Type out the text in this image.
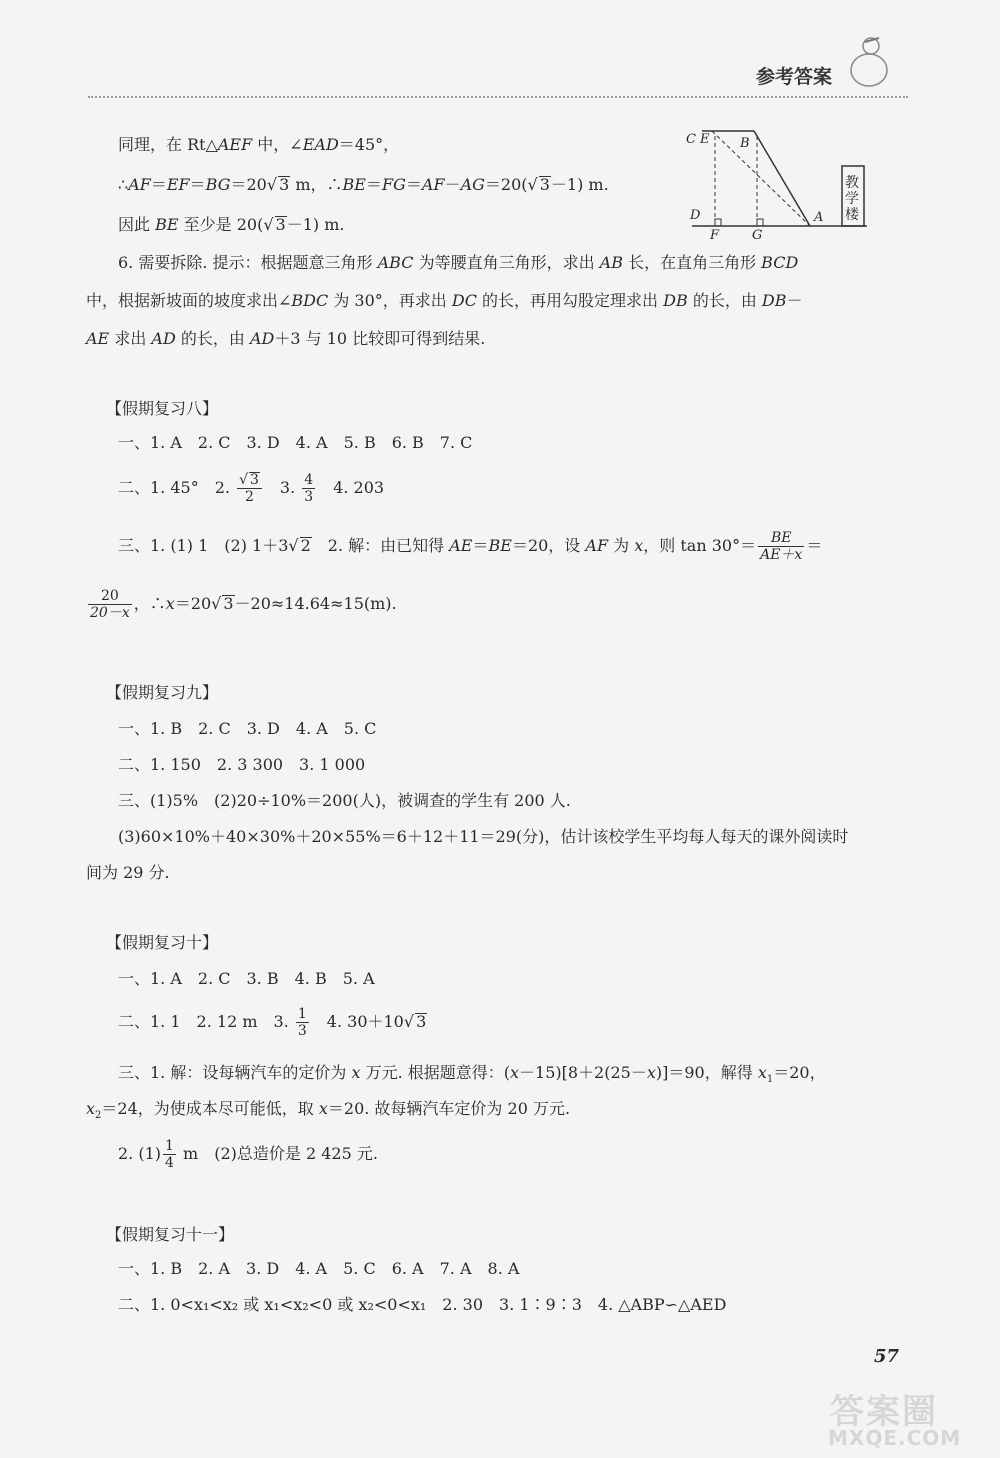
参考答案
C E B
D
F	G
A
教
学
楼
同理，在 Rt△AEF 中，∠EAD＝45°，
∴AF＝EF＝BG＝20√ 3 m，∴BE＝FG＝AF－AG＝20(√ 3－1) m.
因此 BE 至少是 20(√ 3－1) m.
6. 需要拆除. 提示：根据题意三角形 ABC 为等腰直角三角形，求出 AB 长，在直角三角形 BCD
中，根据新坡面的坡度求出∠BDC 为 30°，再求出 DC 的长，再用勾股定理求出 DB 的长，由 DB－
AE 求出 AD 的长，由 AD＋3 与 10 比较即可得到结果.
【假期复习八】
一、1. A　2. C　3. D　4. A　5. B　6. B　7. C
二、1. 45°　2. $\frac{√ 3}{2}$ 　3. $\frac{4}{3}$ 　4. 203
三、1. (1) 1　(2) 1＋3√ 2　2. 解：由已知得 AE＝BE＝20，设 AF 为 x，则 $\tan 30^\circ= \frac{BE}{AE+x}$ ＝
$\frac{20}{20-x}$ ，∴x＝20√ 3－20≈14.64≈15(m).
【假期复习九】
一、1. B　2. C　3. D　4. A　5. C
二、1. 150　2. 3 300　3. 1 000
三、(1)5%　(2)20÷10%＝200(人)，被调查的学生有 200 人.
(3)60×10%＋40×30%＋20×55%＝6＋12＋11＝29(分)，估计该校学生平均每人每天的课外阅读时
间为 29 分.
【假期复习十】
一、1. A　2. C　3. B　4. B　5. A
二、1. 1　2. 12 m　3. $\frac{1}{3}$ 　4. 30＋10√ 3
三、1. 解：设每辆汽车的定价为 x 万元. 根据题意得：(x－15)[8＋2(25－x)]＝90，解得 $x_1=20$，
$x_2=24$，为使成本尽可能低，取 x＝20. 故每辆汽车定价为 20 万元.
2. $(1) \frac{1}{4}$ m　(2)总造价是 2 425 元.
【假期复习十一】
一、1. B　2. A　3. D　4. A　5. C　6. A　7. A　8. A
二、1. 0<x₁<x₂ 或 x₁<x₂<0 或 x₂<0<x₁　2. 30　3. 1∶9∶3　4. △ABP∽△AED
57
答案圈
MXQE.COM
